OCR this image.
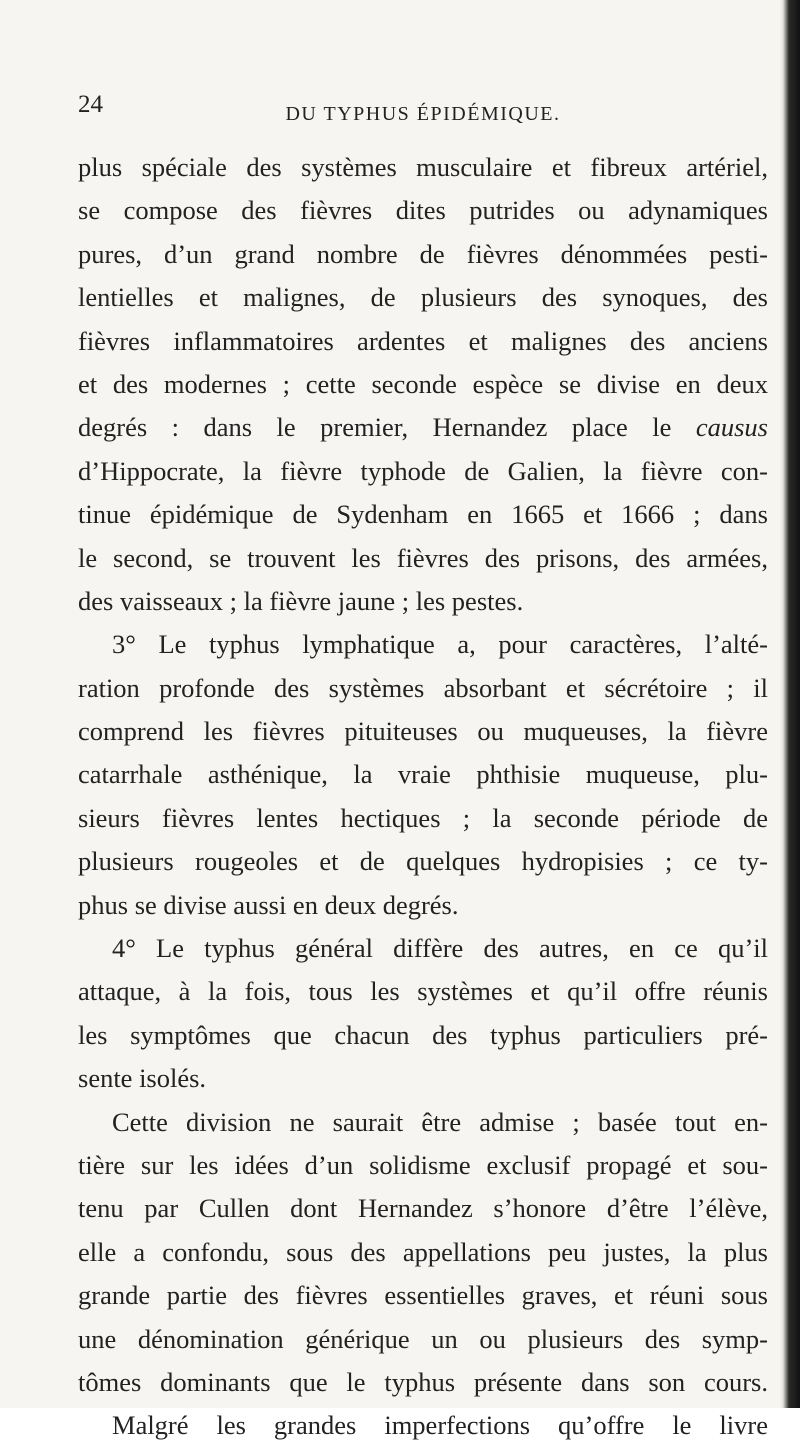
24	DU TYPHUS ÉPIDÉMIQUE.
plus spéciale des systèmes musculaire et fibreux artériel,
se compose des fièvres dites putrides ou adynamiques
pures, d’un grand nombre de fièvres dénommées pesti-
lentielles et malignes, de plusieurs des synoques, des
fièvres inflammatoires ardentes et malignes des anciens
et des modernes ; cette seconde espèce se divise en deux
degrés : dans le premier, Hernandez place le causus
d’Hippocrate, la fièvre typhode de Galien, la fièvre con-
tinue épidémique de Sydenham en 1665 et 1666 ; dans
le second, se trouvent les fièvres des prisons, des armées,
des vaisseaux ; la fièvre jaune ; les pestes.
3° Le typhus lymphatique a, pour caractères, l’alté-
ration profonde des systèmes absorbant et sécrétoire ; il
comprend les fièvres pituiteuses ou muqueuses, la fièvre
catarrhale asthénique, la vraie phthisie muqueuse, plu-
sieurs fièvres lentes hectiques ; la seconde période de
plusieurs rougeoles et de quelques hydropisies ; ce ty-
phus se divise aussi en deux degrés.
4° Le typhus général diffère des autres, en ce qu’il
attaque, à la fois, tous les systèmes et qu’il offre réunis
les symptômes que chacun des typhus particuliers pré-
sente isolés.
Cette division ne saurait être admise ; basée tout en-
tière sur les idées d’un solidisme exclusif propagé et sou-
tenu par Cullen dont Hernandez s’honore d’être l’élève,
elle a confondu, sous des appellations peu justes, la plus
grande partie des fièvres essentielles graves, et réuni sous
une dénomination générique un ou plusieurs des symp-
tômes dominants que le typhus présente dans son cours.
Malgré les grandes imperfections qu’offre le livre
